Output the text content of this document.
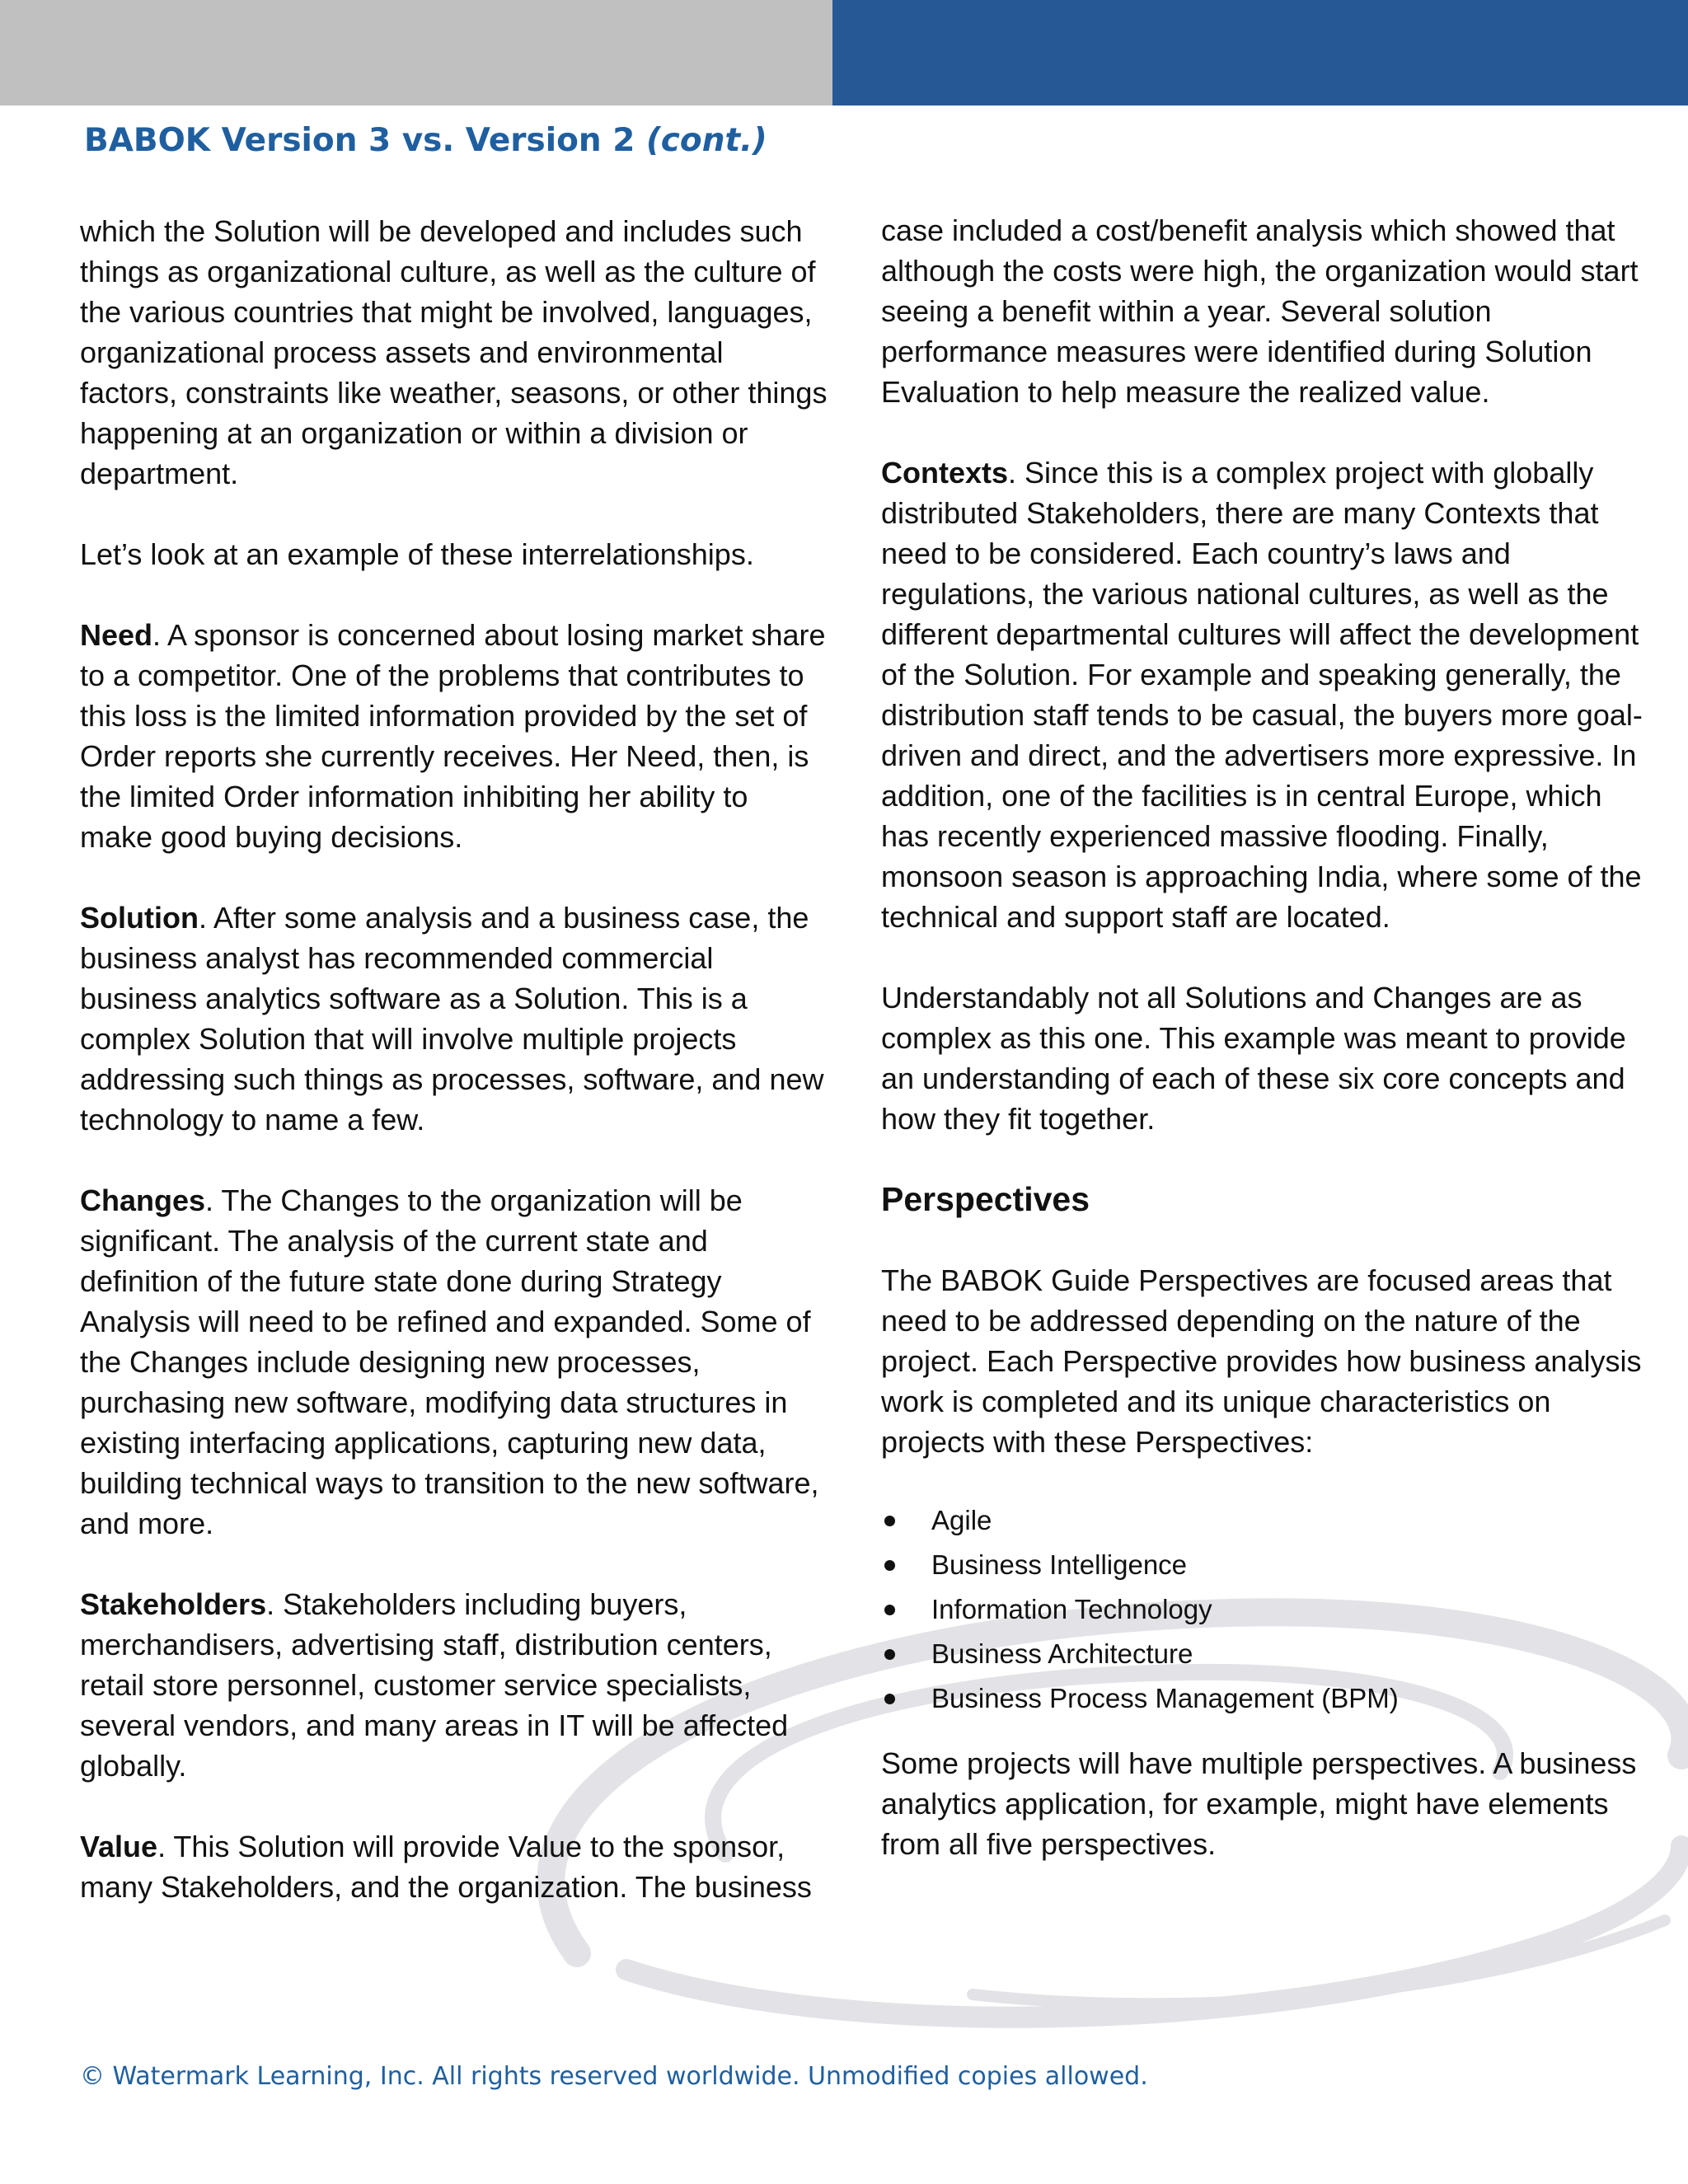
BABOK Version 3 vs. Version 2 (cont.)

which the Solution will be developed and includes such things as organizational culture, as well as the culture of the various countries that might be involved, languages, organizational process assets and environmental factors, constraints like weather, seasons, or other things happening at an organization or within a division or department.

Let’s look at an example of these interrelationships.

Need. A sponsor is concerned about losing market share to a competitor. One of the problems that contributes to this loss is the limited information provided by the set of Order reports she currently receives. Her Need, then, is the limited Order information inhibiting her ability to make good buying decisions.

Solution. After some analysis and a business case, the business analyst has recommended commercial business analytics software as a Solution. This is a complex Solution that will involve multiple projects addressing such things as processes, software, and new technology to name a few.

Changes. The Changes to the organization will be significant. The analysis of the current state and definition of the future state done during Strategy Analysis will need to be refined and expanded. Some of the Changes include designing new processes, purchasing new software, modifying data structures in existing interfacing applications, capturing new data, building technical ways to transition to the new software, and more.

Stakeholders. Stakeholders including buyers, merchandisers, advertising staff, distribution centers, retail store personnel, customer service specialists, several vendors, and many areas in IT will be affected globally.

Value. This Solution will provide Value to the sponsor, many Stakeholders, and the organization. The business

case included a cost/benefit analysis which showed that although the costs were high, the organization would start seeing a benefit within a year. Several solution performance measures were identified during Solution Evaluation to help measure the realized value.

Contexts. Since this is a complex project with globally distributed Stakeholders, there are many Contexts that need to be considered. Each country’s laws and regulations, the various national cultures, as well as the different departmental cultures will affect the development of the Solution. For example and speaking generally, the distribution staff tends to be casual, the buyers more goal-driven and direct, and the advertisers more expressive. In addition, one of the facilities is in central Europe, which has recently experienced massive flooding. Finally, monsoon season is approaching India, where some of the technical and support staff are located.

Understandably not all Solutions and Changes are as complex as this one. This example was meant to provide an understanding of each of these six core concepts and how they fit together.

Perspectives

The BABOK Guide Perspectives are focused areas that need to be addressed depending on the nature of the project. Each Perspective provides how business analysis work is completed and its unique characteristics on projects with these Perspectives:

Agile
Business Intelligence
Information Technology
Business Architecture
Business Process Management (BPM)

Some projects will have multiple perspectives. A business analytics application, for example, might have elements from all five perspectives.

© Watermark Learning, Inc. All rights reserved worldwide. Unmodified copies allowed.
